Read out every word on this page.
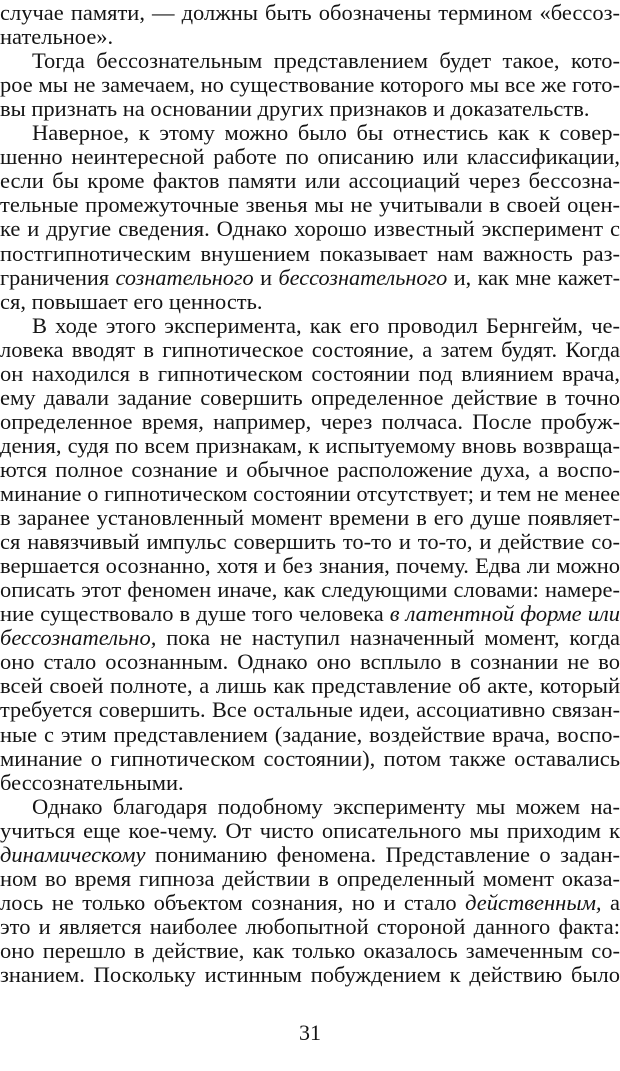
случае памяти, — должны быть обозначены термином «бессоз-
нательное».
Тогда бессознательным представлением будет такое, кото-
рое мы не замечаем, но существование которого мы все же гото-
вы признать на основании других признаков и доказательств.
Наверное, к этому можно было бы отнестись как к совер-
шенно неинтересной работе по описанию или классификации,
если бы кроме фактов памяти или ассоциаций через бессозна-
тельные промежуточные звенья мы не учитывали в своей оцен-
ке и другие сведения. Однако хорошо известный эксперимент с
постгипнотическим внушением показывает нам важность раз-
граничения сознательного и бессознательного и, как мне кажет-
ся, повышает его ценность.
В ходе этого эксперимента, как его проводил Бернгейм, че-
ловека вводят в гипнотическое состояние, а затем будят. Когда
он находился в гипнотическом состоянии под влиянием врача,
ему давали задание совершить определенное действие в точно
определенное время, например, через полчаса. После пробуж-
дения, судя по всем признакам, к испытуемому вновь возвраща-
ются полное сознание и обычное расположение духа, а воспо-
минание о гипнотическом состоянии отсутствует; и тем не менее
в заранее установленный момент времени в его душе появляет-
ся навязчивый импульс совершить то-то и то-то, и действие со-
вершается осознанно, хотя и без знания, почему. Едва ли можно
описать этот феномен иначе, как следующими словами: намере-
ние существовало в душе того человека в латентной форме или
бессознательно, пока не наступил назначенный момент, когда
оно стало осознанным. Однако оно всплыло в сознании не во
всей своей полноте, а лишь как представление об акте, который
требуется совершить. Все остальные идеи, ассоциативно связан-
ные с этим представлением (задание, воздействие врача, воспо-
минание о гипнотическом состоянии), потом также оставались
бессознательными.
Однако благодаря подобному эксперименту мы можем на-
учиться еще кое-чему. От чисто описательного мы приходим к
динамическому пониманию феномена. Представление о задан-
ном во время гипноза действии в определенный момент оказа-
лось не только объектом сознания, но и стало действенным, а
это и является наиболее любопытной стороной данного факта:
оно перешло в действие, как только оказалось замеченным со-
знанием. Поскольку истинным побуждением к действию было
31
